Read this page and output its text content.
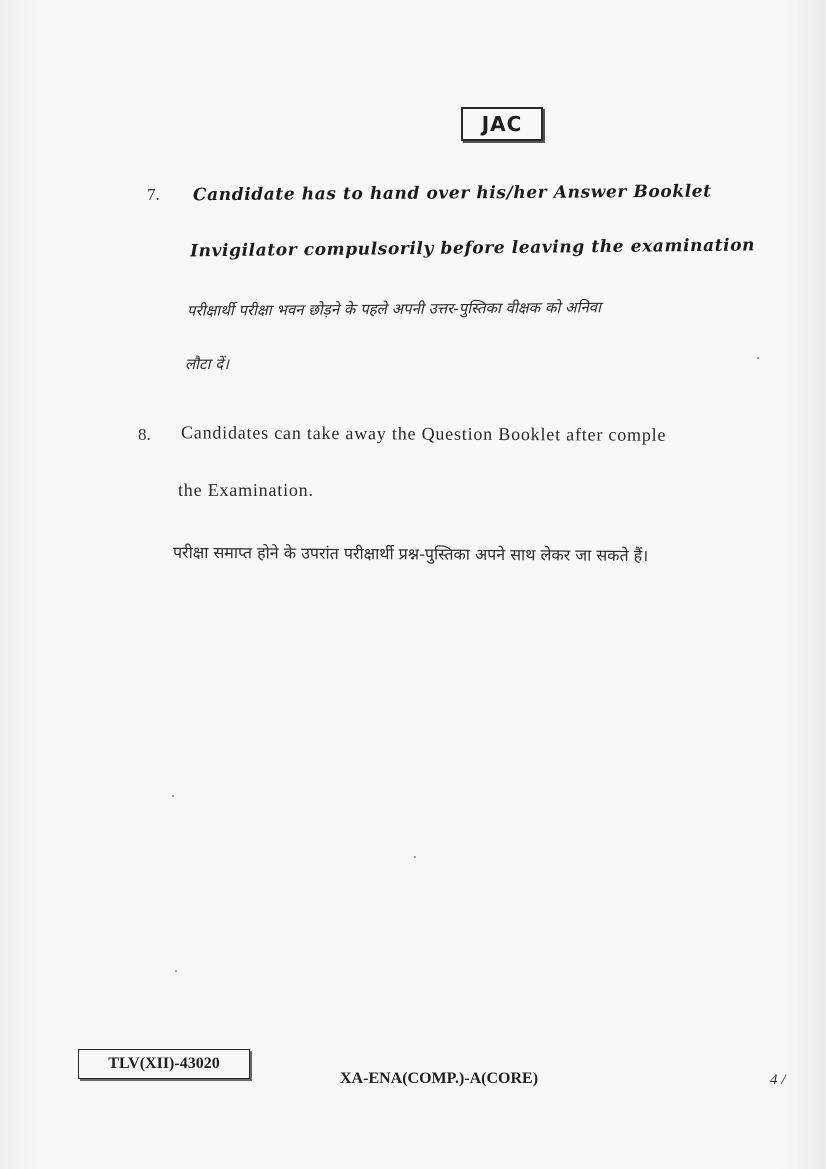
JAC
7. Candidate has to hand over his/her Answer Booklet
Invigilator compulsorily before leaving the examination
परीक्षार्थी परीक्षा भवन छोड़ने के पहले अपनी उत्तर-पुस्तिका वीक्षक को अनिवा
लौटा दें।
8. Candidates can take away the Question Booklet after comple
the Examination.
परीक्षा समाप्त होने के उपरांत परीक्षार्थी प्रश्न-पुस्तिका अपने साथ लेकर जा सकते हैं।
TLV(XII)-43020
XA-ENA(COMP.)-A(CORE)	4 /
